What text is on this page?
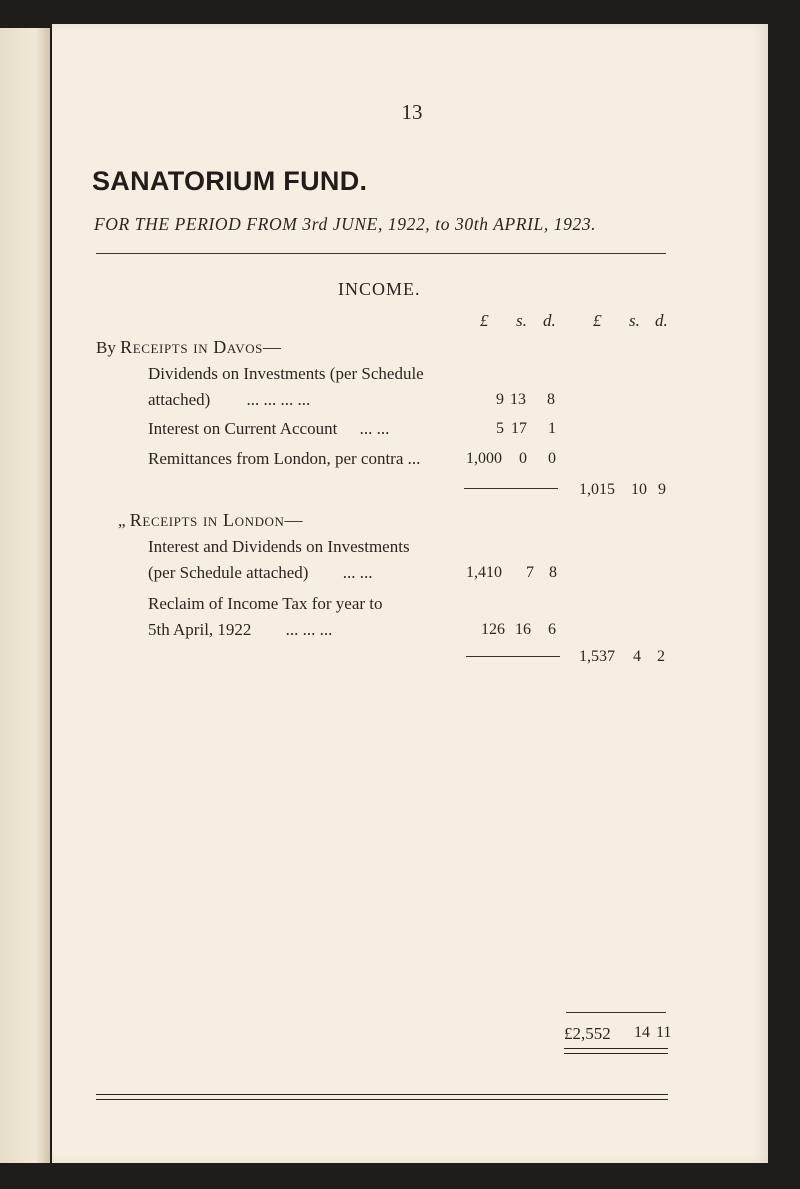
13
SANATORIUM FUND.
FOR THE PERIOD FROM 3rd JUNE, 1922, to 30th APRIL, 1923.
INCOME.
£ s. d. £ s. d.
By Receipts in Davos—
Dividends on Investments (per Schedule
attached) ... ... ... ...	9 13 8
Interest on Current Account ... ...	5 17 1
Remittances from London, per contra ...	1,000 0 0
1,015 10 9
„ Receipts in London—
Interest and Dividends on Investments
(per Schedule attached) ... ...	1,410 7 8
Reclaim of Income Tax for year to
5th April, 1922 ... ... ...	126 16 6
1,537 4 2
£2,552 14 11
